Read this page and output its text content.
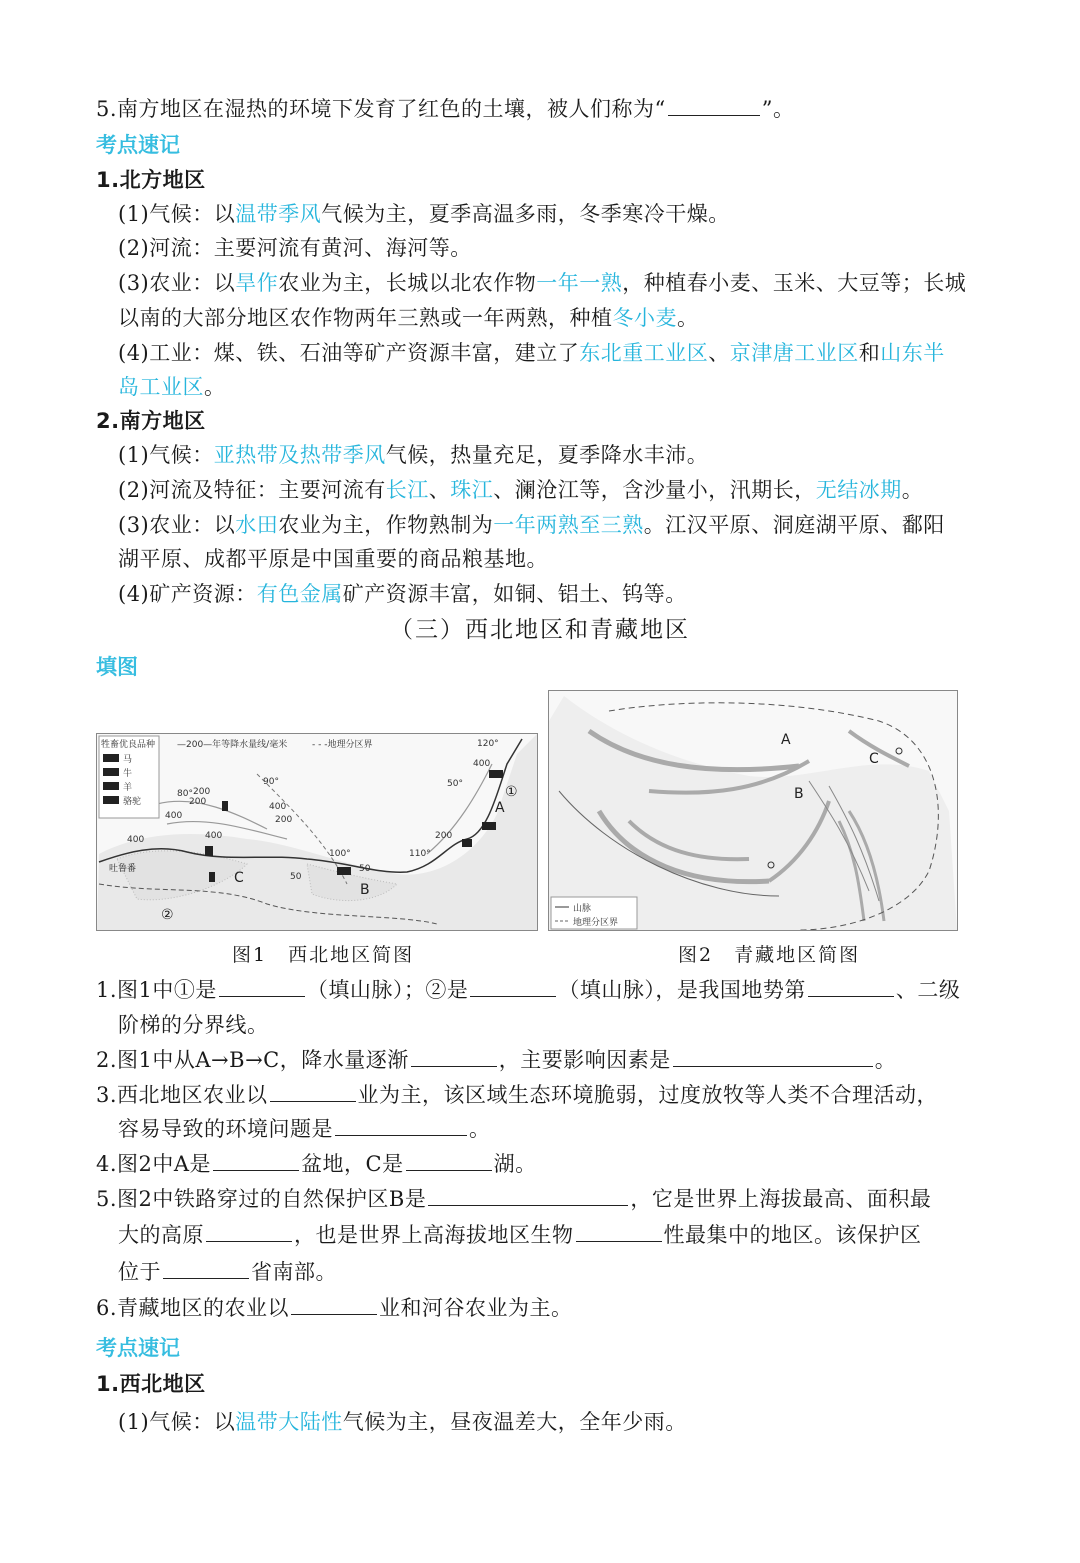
5.南方地区在湿热的环境下发育了红色的土壤，被人们称为“	”。
考点速记
1.北方地区
(1)气候：以温带季风气候为主，夏季高温多雨，冬季寒冷干燥。
(2)河流：主要河流有黄河、海河等。
(3)农业：以旱作农业为主，长城以北农作物一年一熟，种植春小麦、玉米、大豆等；长城
以南的大部分地区农作物两年三熟或一年两熟，种植冬小麦。
(4)工业：煤、铁、石油等矿产资源丰富，建立了东北重工业区、京津唐工业区和山东半
岛工业区。
2.南方地区
(1)气候：亚热带及热带季风气候，热量充足，夏季降水丰沛。
(2)河流及特征：主要河流有长江、珠江、澜沧江等，含沙量小，汛期长，无结冰期。
(3)农业：以水田农业为主，作物熟制为一年两熟至三熟。江汉平原、洞庭湖平原、鄱阳
湖平原、成都平原是中国重要的商品粮基地。
(4)矿产资源：有色金属矿产资源丰富，如铜、铝土、钨等。
（三）西北地区和青藏地区
填图
牲畜优良品种 —200—年等降水量线/毫米	- - -地理分区界
马
牛
羊
骆驼	A
B
C
①
②
吐鲁番
120°
50°
400
200
80°
90°
400
200
400
200
100°
50
110°
400
200
50
400
A
B
C
山脉
地理分区界
图1　西北地区简图	图2　青藏地区简图
1.图1中①是	（填山脉）；②是	（填山脉），是我国地势第	、二级
阶梯的分界线。
2.图1中从A→B→C，降水量逐渐	，主要影响因素是	。
3.西北地区农业以	业为主，该区域生态环境脆弱，过度放牧等人类不合理活动，
容易导致的环境问题是	。
4.图2中A是	盆地，C是	湖。
5.图2中铁路穿过的自然保护区B是	，它是世界上海拔最高、面积最
大的高原	，也是世界上高海拔地区生物	性最集中的地区。该保护区
位于	省南部。
6.青藏地区的农业以	业和河谷农业为主。
考点速记
1.西北地区
(1)气候：以温带大陆性气候为主，昼夜温差大，全年少雨。
